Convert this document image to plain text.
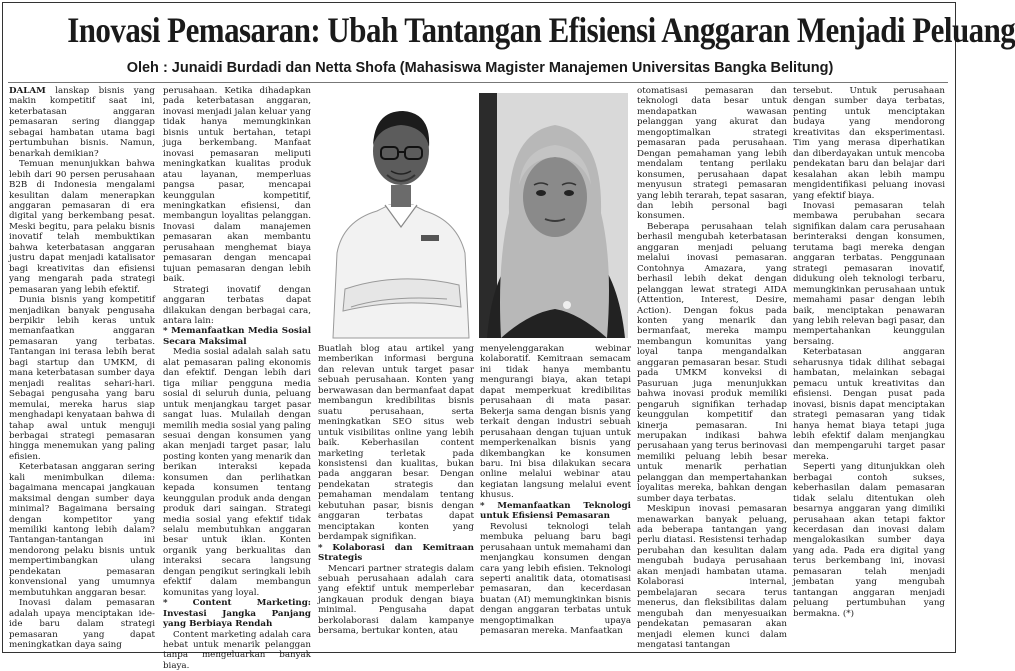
Inovasi Pemasaran: Ubah Tantangan Efisiensi Anggaran Menjadi Peluang
Oleh : Junaidi Burdadi dan Netta Shofa (Mahasiswa Magister Manajemen Universitas Bangka Belitung)

DALAM lanskap bisnis yang makin kompetitif saat ini, keterbatasan anggaran pemasaran sering dianggap sebagai hambatan utama bagi pertumbuhan bisnis. Namun, benarkah demikian?

Temuan menunjukkan bahwa lebih dari 90 persen perusahaan B2B di Indonesia mengalami kesulitan dalam menerapkan anggaran pemasaran di era digital yang berkembang pesat. Meski begitu, para pelaku bisnis inovatif telah membuktikan bahwa keterbatasan anggaran justru dapat menjadi katalisator bagi kreativitas dan efisiensi yang mengarah pada strategi pemasaran yang lebih efektif.

Dunia bisnis yang kompetitif menjadikan banyak pengusaha berpikir lebih keras untuk memanfaatkan anggaran pemasaran yang terbatas. Tantangan ini terasa lebih berat bagi startup dan UMKM, di mana keterbatasan sumber daya menjadi realitas sehari-hari. Sebagai pengusaha yang baru memulai, mereka harus siap menghadapi kenyataan bahwa di tahap awal untuk menguji berbagai strategi pemasaran hingga menemukan yang paling efisien.

Keterbatasan anggaran sering kali menimbulkan dilema: bagaimana mencapai jangkauan maksimal dengan sumber daya minimal? Bagaimana bersaing dengan kompetitor yang memiliki kantong lebih dalam? Tantangan-tantangan ini mendorong pelaku bisnis untuk mempertimbangkan ulang pendekatan pemasaran konvensional yang umumnya membutuhkan anggaran besar.

Inovasi dalam pemasaran adalah upaya menciptakan ide-ide baru dalam strategi pemasaran yang dapat meningkatkan daya saing

perusahaan. Ketika dihadapkan pada keterbatasan anggaran, inovasi menjadi jalan keluar yang tidak hanya memungkinkan bisnis untuk bertahan, tetapi juga berkembang. Manfaat inovasi pemasaran meliputi meningkatkan kualitas produk atau layanan, memperluas pangsa pasar, mencapai keunggulan kompetitif, meningkatkan efisiensi, dan membangun loyalitas pelanggan. Inovasi dalam manajemen pemasaran akan membantu perusahaan menghemat biaya pemasaran dengan mencapai tujuan pemasaran dengan lebih baik.

Strategi inovatif dengan anggaran terbatas dapat dilakukan dengan berbagai cara, antara lain:

* Memanfaatkan Media Sosial Secara Maksimal

Media sosial adalah salah satu alat pemasaran paling ekonomis dan efektif. Dengan lebih dari tiga miliar pengguna media sosial di seluruh dunia, peluang untuk menjangkau target pasar sangat luas. Mulailah dengan memilih media sosial yang paling sesuai dengan konsumen yang akan menjadi target pasar, lalu posting konten yang menarik dan berikan interaksi kepada konsumen dan perlihatkan kepada konsumen tentang keunggulan produk anda dengan produk dari saingan. Strategi media sosial yang efektif tidak selalu membutuhkan anggaran besar untuk iklan. Konten organik yang berkualitas dan interaksi secara langsung dengan pengikut seringkali lebih efektif dalam membangun komunitas yang loyal.

* Content Marketing: Investasi Jangka Panjang yang Berbiaya Rendah

Content marketing adalah cara hebat untuk menarik pelanggan tanpa mengeluarkan banyak biaya.

Buatlah blog atau artikel yang memberikan informasi berguna dan relevan untuk target pasar sebuah perusahaan. Konten yang berwawasan dan bermanfaat dapat membangun kredibilitas bisnis suatu perusahaan, serta meningkatkan SEO situs web untuk visibilitas online yang lebih baik. Keberhasilan content marketing terletak pada konsistensi dan kualitas, bukan pada anggaran besar. Dengan pendekatan strategis dan pemahaman mendalam tentang kebutuhan pasar, bisnis dengan anggaran terbatas dapat menciptakan konten yang berdampak signifikan.

* Kolaborasi dan Kemitraan Strategis

Mencari partner strategis dalam sebuah perusahaan adalah cara yang efektif untuk memperlebar jangkauan produk dengan biaya minimal. Pengusaha dapat berkolaborasi dalam kampanye bersama, bertukar konten, atau

menyelenggarakan webinar kolaboratif. Kemitraan semacam ini tidak hanya membantu mengurangi biaya, akan tetapi dapat memperkuat kredibilitas perusahaan di mata pasar. Bekerja sama dengan bisnis yang terkait dengan industri sebuah perusahaan dengan tujuan untuk memperkenalkan bisnis yang dikembangkan ke konsumen baru. Ini bisa dilakukan secara online melalui webinar atau kegiatan langsung melalui event khusus.

* Memanfaatkan Teknologi untuk Efisiensi Pemasaran

Revolusi teknologi telah membuka peluang baru bagi perusahaan untuk memahami dan menjangkau konsumen dengan cara yang lebih efisien. Teknologi seperti analitik data, otomatisasi pemasaran, dan kecerdasan buatan (AI) memungkinkan bisnis dengan anggaran terbatas untuk mengoptimalkan upaya pemasaran mereka. Manfaatkan

otomatisasi pemasaran dan teknologi data besar untuk mendapatkan wawasan pelanggan yang akurat dan mengoptimalkan strategi pemasaran pada perusahaan. Dengan pemahaman yang lebih mendalam tentang perilaku konsumen, perusahaan dapat menyusun strategi pemasaran yang lebih terarah, tepat sasaran, dan lebih personal bagi konsumen.

Beberapa perusahaan telah berhasil mengubah keterbatasan anggaran menjadi peluang melalui inovasi pemasaran. Contohnya Amazara, yang berhasil lebih dekat dengan pelanggan lewat strategi AIDA (Attention, Interest, Desire, Action). Dengan fokus pada konten yang menarik dan bermanfaat, mereka mampu membangun komunitas yang loyal tanpa mengandalkan anggaran pemasaran besar. Studi pada UMKM konveksi di Pasuruan juga menunjukkan bahwa inovasi produk memiliki pengaruh signifikan terhadap keunggulan kompetitif dan kinerja pemasaran. Ini merupakan indikasi bahwa perusahaan yang terus berinovasi memiliki peluang lebih besar untuk menarik perhatian pelanggan dan mempertahankan loyalitas mereka, bahkan dengan sumber daya terbatas.

Meskipun inovasi pemasaran menawarkan banyak peluang, ada beberapa tantangan yang perlu diatasi. Resistensi terhadap perubahan dan kesulitan dalam mengubah budaya perusahaan akan menjadi hambatan utama. Kolaborasi internal, pembelajaran secara terus menerus, dan fleksibilitas dalam mengubah dan menyesuaikan pendekatan pemasaran akan menjadi elemen kunci dalam mengatasi tantangan

tersebut. Untuk perusahaan dengan sumber daya terbatas, penting untuk menciptakan budaya yang mendorong kreativitas dan eksperimentasi. Tim yang merasa diperhatikan dan diberdayakan untuk mencoba pendekatan baru dan belajar dari kesalahan akan lebih mampu mengidentifikasi peluang inovasi yang efektif biaya.

Inovasi pemasaran telah membawa perubahan secara signifikan dalam cara perusahaan berinteraksi dengan konsumen, terutama bagi mereka dengan anggaran terbatas. Penggunaan strategi pemasaran inovatif, didukung oleh teknologi terbaru, memungkinkan perusahaan untuk memahami pasar dengan lebih baik, menciptakan penawaran yang lebih relevan bagi pasar, dan mempertahankan keunggulan bersaing.

Keterbatasan anggaran seharusnya tidak dilihat sebagai hambatan, melainkan sebagai pemacu untuk kreativitas dan efisiensi. Dengan pusat pada inovasi, bisnis dapat menciptakan strategi pemasaran yang tidak hanya hemat biaya tetapi juga lebih efektif dalam menjangkau dan mempengaruhi target pasar mereka.

Seperti yang ditunjukkan oleh berbagai contoh sukses, keberhasilan dalam pemasaran tidak selalu ditentukan oleh besarnya anggaran yang dimiliki perusahaan akan tetapi faktor kecerdasan dan inovasi dalam mengalokasikan sumber daya yang ada. Pada era digital yang terus berkembang ini, inovasi pemasaran telah menjadi jembatan yang mengubah tantangan anggaran menjadi peluang pertumbuhan yang bermakna. (*)
